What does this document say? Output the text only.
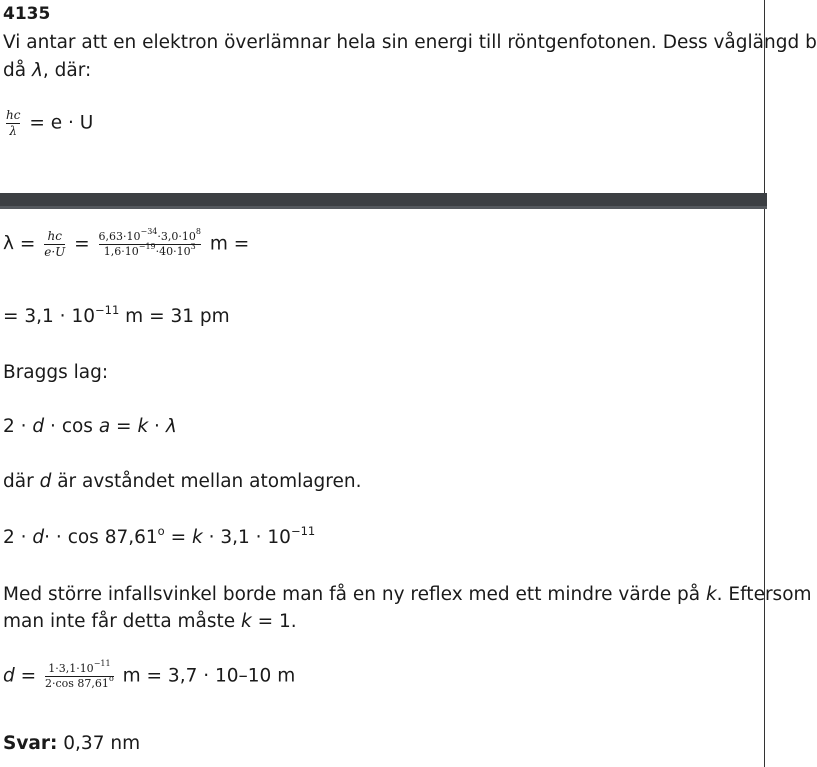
4135
Vi antar att en elektron överlämnar hela sin energi till röntgenfotonen. Dess våglängd b
då λ, där:
$\frac{hc}{\lambda} = e \cdot U$
$\lambda = \frac{hc}{e\cdot U} = \frac{6,63\cdot 10^{-34}\cdot 3,0\cdot 10^8}{1,6\cdot 10^{-19}\cdot 40\cdot 10^3}$ m =
= $3,1 \cdot 10^{-11}$ m = 31 pm
Braggs lag:
2 · d · cos a = k · λ
där d är avståndet mellan atomlagren.
$2 \cdot d\cdot \cdot \cos 87,61^o = k \cdot 3,1 \cdot 10^{-11}$
Med större infallsvinkel borde man få en ny reflex med ett mindre värde på k. Eftersom
man inte får detta måste k = 1.
$d = \frac{1\cdot 3,1\cdot 10^{-11}}{2\cdot\cos 87,61^o}$ m = 3,7 · 10–10 m
Svar: 0,37 nm
